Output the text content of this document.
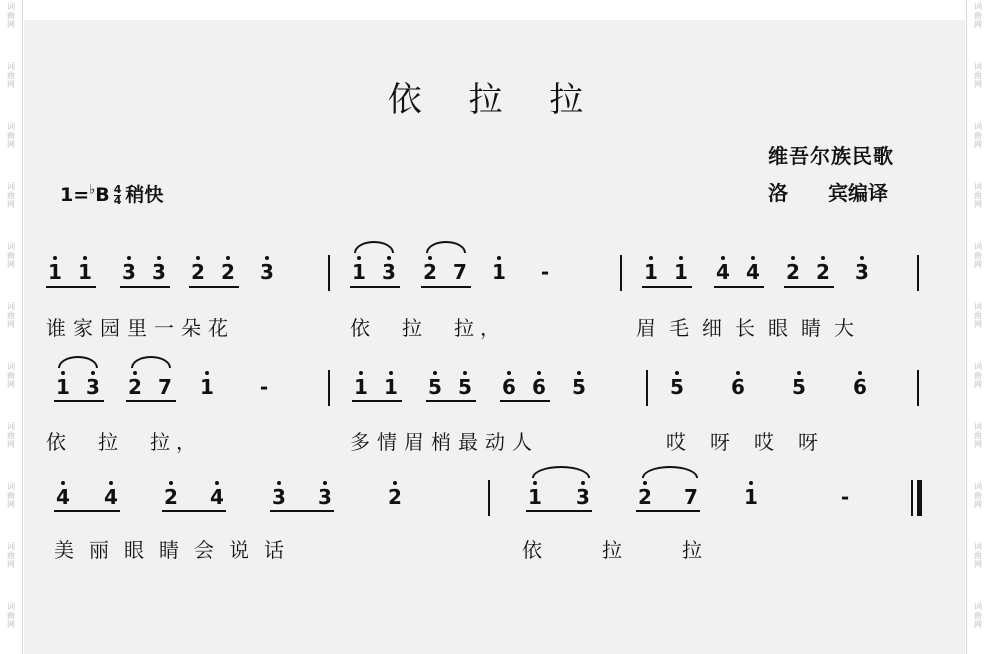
词
曲
网
词
曲
网
词
曲
网
词
曲
网
词
曲
网
词
曲
网
词
曲
网
词
曲
网
词
曲
网
词
曲
网
词
曲
网
词
曲
网
词
曲
网
词
曲
网
词
曲
网
词
曲
网
词
曲
网
词
曲
网
词
曲
网
词
曲
网
词
曲
网
词
曲
网
依 拉 拉
维吾尔族民歌
洛　　宾编译
$1=^♭B \frac{4}{4}$ 稍快
1 1 3 3 2 2 3	1 3 2 7 1 -	1 1 4 4 2 2 3
谁家园里一朵花	依　拉　拉，	眉毛细长眼睛大
1 3 2 7 1 -	1 1 5 5 6 6 5	5 6 5 6
依　拉　拉，	多情眉梢最动人	哎　呀　哎　呀
4 4 2 4 3 3	2	1 3 2 7 1	-
美丽眼睛会说话	依　　　拉　　　拉
